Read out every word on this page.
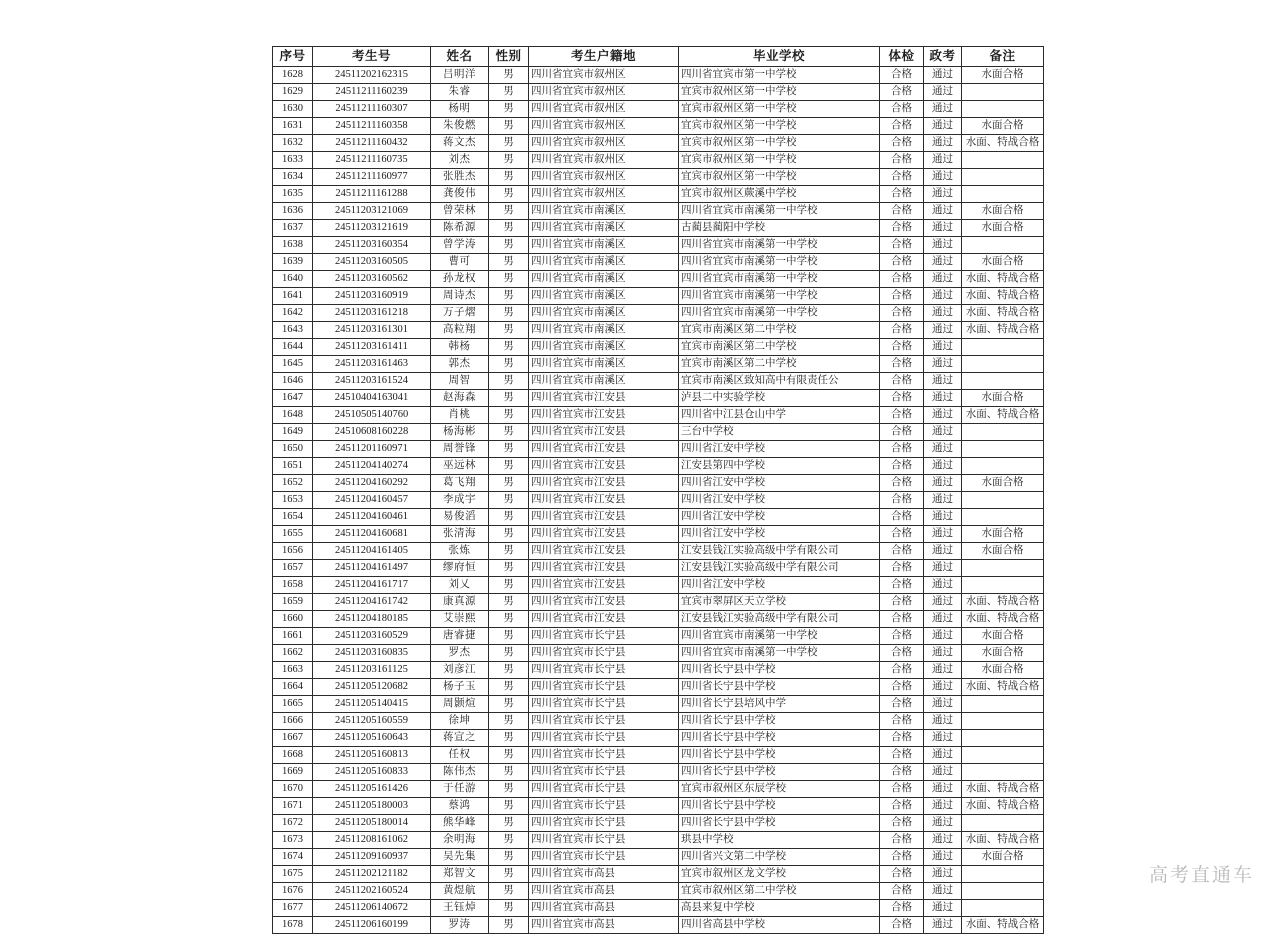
序号	考生号	姓名	性别	考生户籍地	毕业学校	体检	政考	备注
1628	24511202162315	吕明洋	男	四川省宜宾市叙州区	四川省宜宾市第一中学校	合格	通过	水面合格
1629	24511211160239	朱睿	男	四川省宜宾市叙州区	宜宾市叙州区第一中学校	合格	通过	
1630	24511211160307	杨明	男	四川省宜宾市叙州区	宜宾市叙州区第一中学校	合格	通过	
1631	24511211160358	朱俊燃	男	四川省宜宾市叙州区	宜宾市叙州区第一中学校	合格	通过	水面合格
1632	24511211160432	蒋文杰	男	四川省宜宾市叙州区	宜宾市叙州区第一中学校	合格	通过	水面、特战合格
1633	24511211160735	刘杰	男	四川省宜宾市叙州区	宜宾市叙州区第一中学校	合格	通过	
1634	24511211160977	张胜杰	男	四川省宜宾市叙州区	宜宾市叙州区第一中学校	合格	通过	
1635	24511211161288	龚俊伟	男	四川省宜宾市叙州区	宜宾市叙州区蕨溪中学校	合格	通过	
1636	24511203121069	曾荣林	男	四川省宜宾市南溪区	四川省宜宾市南溪第一中学校	合格	通过	水面合格
1637	24511203121619	陈希源	男	四川省宜宾市南溪区	古蔺县蔺阳中学校	合格	通过	水面合格
1638	24511203160354	曾学涛	男	四川省宜宾市南溪区	四川省宜宾市南溪第一中学校	合格	通过	
1639	24511203160505	曹可	男	四川省宜宾市南溪区	四川省宜宾市南溪第一中学校	合格	通过	水面合格
1640	24511203160562	孙龙权	男	四川省宜宾市南溪区	四川省宜宾市南溪第一中学校	合格	通过	水面、特战合格
1641	24511203160919	周诗杰	男	四川省宜宾市南溪区	四川省宜宾市南溪第一中学校	合格	通过	水面、特战合格
1642	24511203161218	万子熠	男	四川省宜宾市南溪区	四川省宜宾市南溪第一中学校	合格	通过	水面、特战合格
1643	24511203161301	高粒翔	男	四川省宜宾市南溪区	宜宾市南溪区第二中学校	合格	通过	水面、特战合格
1644	24511203161411	韩杨	男	四川省宜宾市南溪区	宜宾市南溪区第二中学校	合格	通过	
1645	24511203161463	郭杰	男	四川省宜宾市南溪区	宜宾市南溪区第二中学校	合格	通过	
1646	24511203161524	周智	男	四川省宜宾市南溪区	宜宾市南溪区致知高中有限责任公	合格	通过	
1647	24510404163041	赵海森	男	四川省宜宾市江安县	泸县二中实验学校	合格	通过	水面合格
1648	24510505140760	肖桃	男	四川省宜宾市江安县	四川省中江县仓山中学	合格	通过	水面、特战合格
1649	24510608160228	杨海彬	男	四川省宜宾市江安县	三台中学校	合格	通过	
1650	24511201160971	周誉锋	男	四川省宜宾市江安县	四川省江安中学校	合格	通过	
1651	24511204140274	巫远林	男	四川省宜宾市江安县	江安县第四中学校	合格	通过	
1652	24511204160292	葛飞翔	男	四川省宜宾市江安县	四川省江安中学校	合格	通过	水面合格
1653	24511204160457	李成宇	男	四川省宜宾市江安县	四川省江安中学校	合格	通过	
1654	24511204160461	易俊滔	男	四川省宜宾市江安县	四川省江安中学校	合格	通过	
1655	24511204160681	张清海	男	四川省宜宾市江安县	四川省江安中学校	合格	通过	水面合格
1656	24511204161405	张炼	男	四川省宜宾市江安县	江安县钱江实验高级中学有限公司	合格	通过	水面合格
1657	24511204161497	缪府恒	男	四川省宜宾市江安县	江安县钱江实验高级中学有限公司	合格	通过	
1658	24511204161717	刘乂	男	四川省宜宾市江安县	四川省江安中学校	合格	通过	
1659	24511204161742	康真源	男	四川省宜宾市江安县	宜宾市翠屏区天立学校	合格	通过	水面、特战合格
1660	24511204180185	艾崇熙	男	四川省宜宾市江安县	江安县钱江实验高级中学有限公司	合格	通过	水面、特战合格
1661	24511203160529	唐睿捷	男	四川省宜宾市长宁县	四川省宜宾市南溪第一中学校	合格	通过	水面合格
1662	24511203160835	罗杰	男	四川省宜宾市长宁县	四川省宜宾市南溪第一中学校	合格	通过	水面合格
1663	24511203161125	刘彦江	男	四川省宜宾市长宁县	四川省长宁县中学校	合格	通过	水面合格
1664	24511205120682	杨子玉	男	四川省宜宾市长宁县	四川省长宁县中学校	合格	通过	水面、特战合格
1665	24511205140415	周颢煊	男	四川省宜宾市长宁县	四川省长宁县培风中学	合格	通过	
1666	24511205160559	徐坤	男	四川省宜宾市长宁县	四川省长宁县中学校	合格	通过	
1667	24511205160643	蒋宣之	男	四川省宜宾市长宁县	四川省长宁县中学校	合格	通过	
1668	24511205160813	任权	男	四川省宜宾市长宁县	四川省长宁县中学校	合格	通过	
1669	24511205160833	陈伟杰	男	四川省宜宾市长宁县	四川省长宁县中学校	合格	通过	
1670	24511205161426	于任游	男	四川省宜宾市长宁县	宜宾市叙州区东辰学校	合格	通过	水面、特战合格
1671	24511205180003	蔡鸿	男	四川省宜宾市长宁县	四川省长宁县中学校	合格	通过	水面、特战合格
1672	24511205180014	熊华峰	男	四川省宜宾市长宁县	四川省长宁县中学校	合格	通过	
1673	24511208161062	余明海	男	四川省宜宾市长宁县	珙县中学校	合格	通过	水面、特战合格
1674	24511209160937	吴先集	男	四川省宜宾市长宁县	四川省兴文第二中学校	合格	通过	水面合格
1675	24511202121182	郑智文	男	四川省宜宾市高县	宜宾市叙州区龙文学校	合格	通过	
1676	24511202160524	黄煜航	男	四川省宜宾市高县	宜宾市叙州区第二中学校	合格	通过	
1677	24511206140672	王钰焯	男	四川省宜宾市高县	高县来复中学校	合格	通过	
1678	24511206160199	罗涛	男	四川省宜宾市高县	四川省高县中学校	合格	通过	水面、特战合格
高考直通车
